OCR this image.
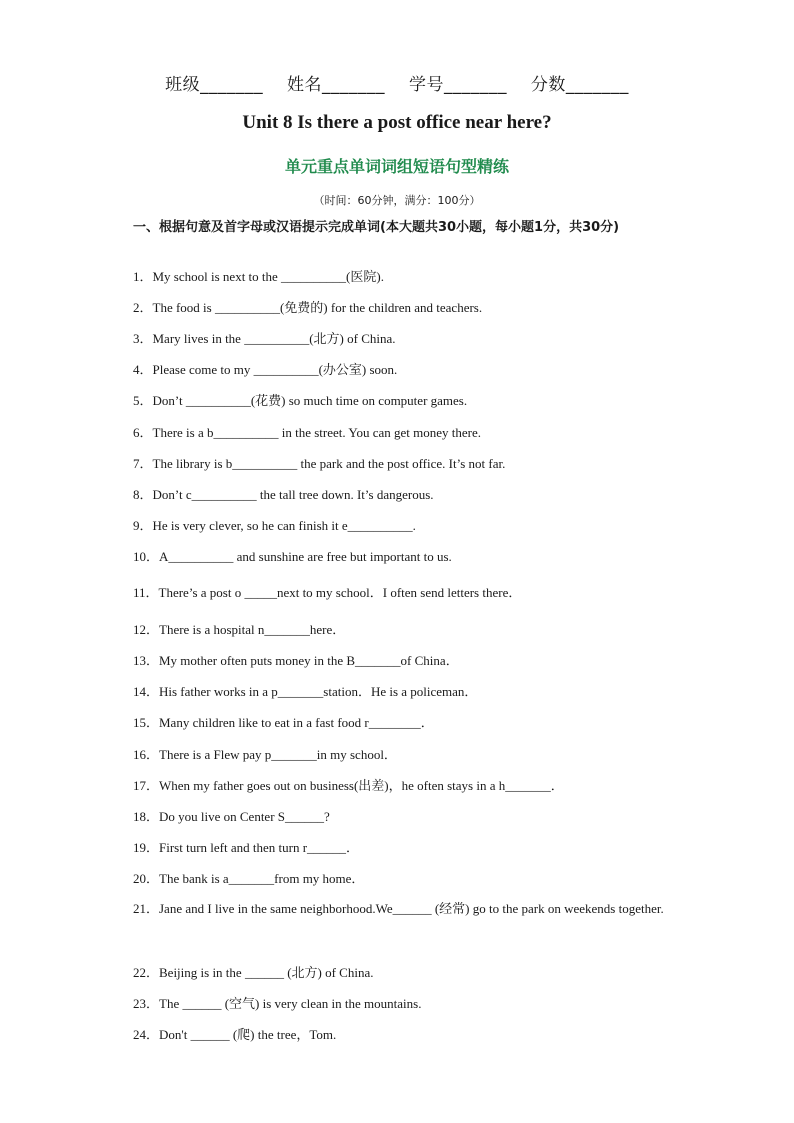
班级_______ 姓名_______ 学号_______ 分数_______
Unit 8 Is there a post office near here?
单元重点单词词组短语句型精练
（时间：60分钟，满分：100分）
一、根据句意及首字母或汉语提示完成单词(本大题共30小题，每小题1分，共30分)
1．My school is next to the __________(医院).
2．The food is __________(免费的) for the children and teachers.
3．Mary lives in the __________(北方) of China.
4．Please come to my __________(办公室) soon.
5．Don’t __________(花费) so much time on computer games.
6．There is a b__________ in the street. You can get money there.
7．The library is b__________ the park and the post office. It’s not far.
8．Don’t c__________ the tall tree down. It’s dangerous.
9．He is very clever, so he can finish it e__________.
10．A__________ and sunshine are free but important to us.
11．There’s a post o _____next to my school．I often send letters there．
12．There is a hospital n_______here．
13．My mother often puts money in the B_______of China．
14．His father works in a p_______station．He is a policeman．
15．Many children like to eat in a fast food r________．
16．There is a Flew pay p_______in my school．
17．When my father goes out on business(出差)，he often stays in a h_______．
18．Do you live on Center S______?
19．First turn left and then turn r______．
20．The bank is a_______from my home．
21．Jane and I live in the same neighborhood.We______ (经常) go to the park on weekends together.
22．Beijing is in the ______ (北方) of China.
23．The ______ (空气) is very clean in the mountains.
24．Don't ______ (爬) the tree，Tom.
